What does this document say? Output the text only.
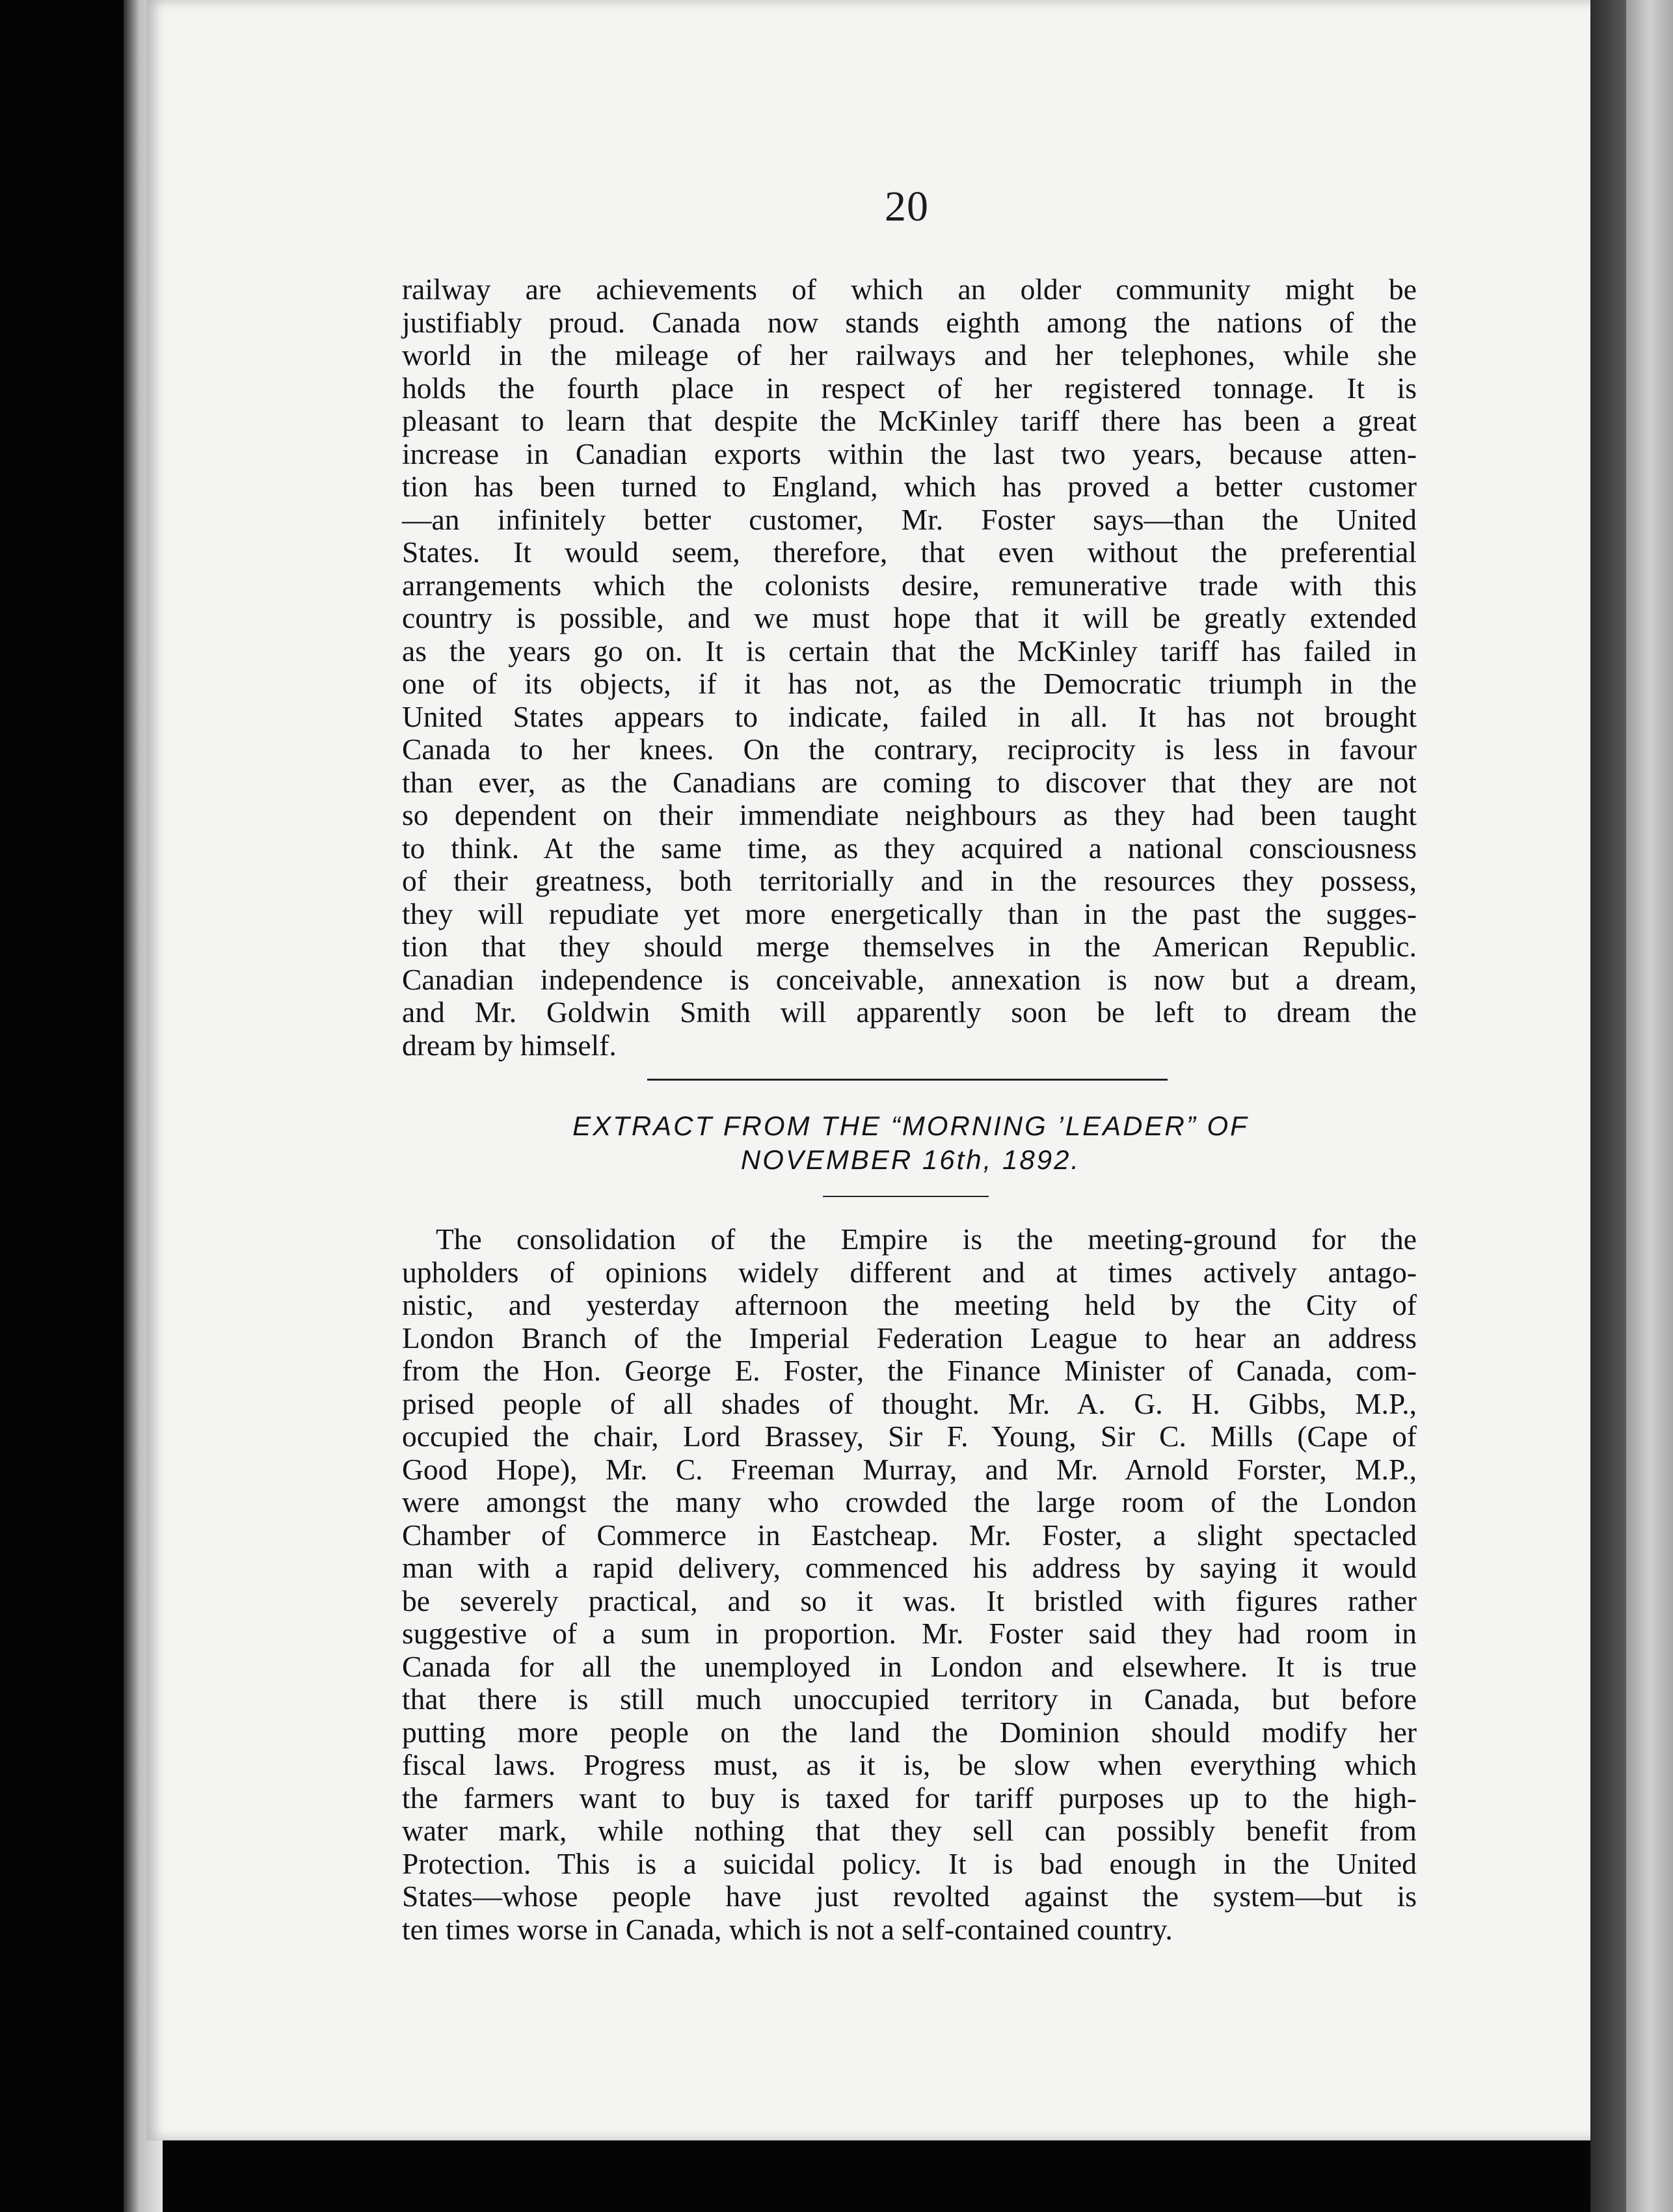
20

railway are achievements of which an older community might be
justifiably proud. Canada now stands eighth among the nations of the
world in the mileage of her railways and her telephones, while she
holds the fourth place in respect of her registered tonnage. It is
pleasant to learn that despite the McKinley tariff there has been a great
increase in Canadian exports within the last two years, because atten-
tion has been turned to England, which has proved a better customer
—an infinitely better customer, Mr. Foster says—than the United
States. It would seem, therefore, that even without the preferential
arrangements which the colonists desire, remunerative trade with this
country is possible, and we must hope that it will be greatly extended
as the years go on. It is certain that the McKinley tariff has failed in
one of its objects, if it has not, as the Democratic triumph in the
United States appears to indicate, failed in all. It has not brought
Canada to her knees. On the contrary, reciprocity is less in favour
than ever, as the Canadians are coming to discover that they are not
so dependent on their immendiate neighbours as they had been taught
to think. At the same time, as they acquired a national consciousness
of their greatness, both territorially and in the resources they possess,
they will repudiate yet more energetically than in the past the sugges-
tion that they should merge themselves in the American Republic.
Canadian independence is conceivable, annexation is now but a dream,
and Mr. Goldwin Smith will apparently soon be left to dream the
dream by himself.

EXTRACT FROM THE “MORNING ’LEADER” OF
NOVEMBER 16th, 1892.

The consolidation of the Empire is the meeting-ground for the
upholders of opinions widely different and at times actively antago-
nistic, and yesterday afternoon the meeting held by the City of
London Branch of the Imperial Federation League to hear an address
from the Hon. George E. Foster, the Finance Minister of Canada, com-
prised people of all shades of thought. Mr. A. G. H. Gibbs, M.P.,
occupied the chair, Lord Brassey, Sir F. Young, Sir C. Mills (Cape of
Good Hope), Mr. C. Freeman Murray, and Mr. Arnold Forster, M.P.,
were amongst the many who crowded the large room of the London
Chamber of Commerce in Eastcheap. Mr. Foster, a slight spectacled
man with a rapid delivery, commenced his address by saying it would
be severely practical, and so it was. It bristled with figures rather
suggestive of a sum in proportion. Mr. Foster said they had room in
Canada for all the unemployed in London and elsewhere. It is true
that there is still much unoccupied territory in Canada, but before
putting more people on the land the Dominion should modify her
fiscal laws. Progress must, as it is, be slow when everything which
the farmers want to buy is taxed for tariff purposes up to the high-
water mark, while nothing that they sell can possibly benefit from
Protection. This is a suicidal policy. It is bad enough in the United
States—whose people have just revolted against the system—but is
ten times worse in Canada, which is not a self-contained country.
